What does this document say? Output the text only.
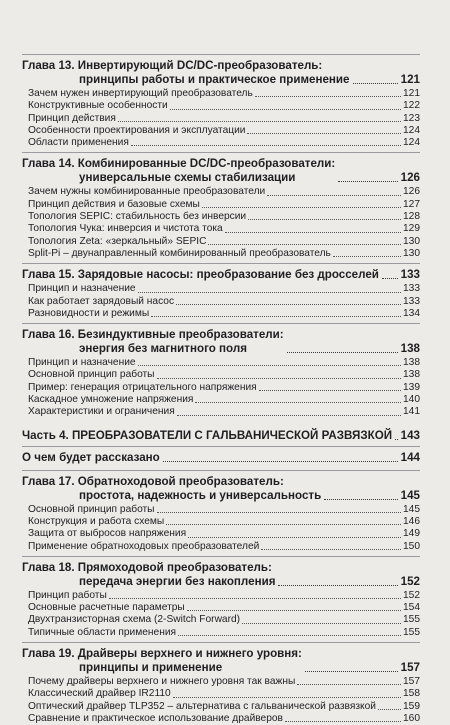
Глава 13. Инвертирующий DC/DC-преобразователь:
принципы работы и практическое применение	121
Зачем нужен инвертирующий преобразователь	121
Конструктивные особенности	122
Принцип действия	123
Особенности проектирования и эксплуатации	124
Области применения	124
Глава 14. Комбинированные DC/DC-преобразователи:
универсальные схемы стабилизации	126
Зачем нужны комбинированные преобразователи	126
Принцип действия и базовые схемы	127
Топология SEPIC: стабильность без инверсии	128
Топология Чука: инверсия и чистота тока	129
Топология Zeta: «зеркальный» SEPIC	130
Split-Pi – двунаправленный комбинированный преобразователь	130
Глава 15. Зарядовые насосы: преобразование без дросселей 133
Принцип и назначение	133
Как работает зарядовый насос	133
Разновидности и режимы	134
Глава 16. Безиндуктивные преобразователи:
энергия без магнитного поля	138
Принцип и назначение	138
Основной принцип работы	138
Пример: генерация отрицательного напряжения	139
Каскадное умножение напряжения	140
Характеристики и ограничения	141
Часть 4. ПРЕОБРАЗОВАТЕЛИ С ГАЛЬВАНИЧЕСКОЙ РАЗВЯЗКОЙ 143
О чем будет рассказано	144
Глава 17. Обратноходовой преобразователь:
простота, надежность и универсальность	145
Основной принцип работы	145
Конструкция и работа схемы	146
Защита от выбросов напряжения	149
Применение обратноходовых преобразователей	150
Глава 18. Прямоходовой преобразователь:
передача энергии без накопления	152
Принцип работы	152
Основные расчетные параметры	154
Двухтранзисторная схема (2-Switch Forward)	155
Типичные области применения	155
Глава 19. Драйверы верхнего и нижнего уровня:
принципы и применение	157
Почему драйверы верхнего и нижнего уровня так важны	157
Классический драйвер IR2110	158
Оптический драйвер TLP352 – альтернатива с гальванической развязкой	159
Сравнение и практическое использование драйверов	160
